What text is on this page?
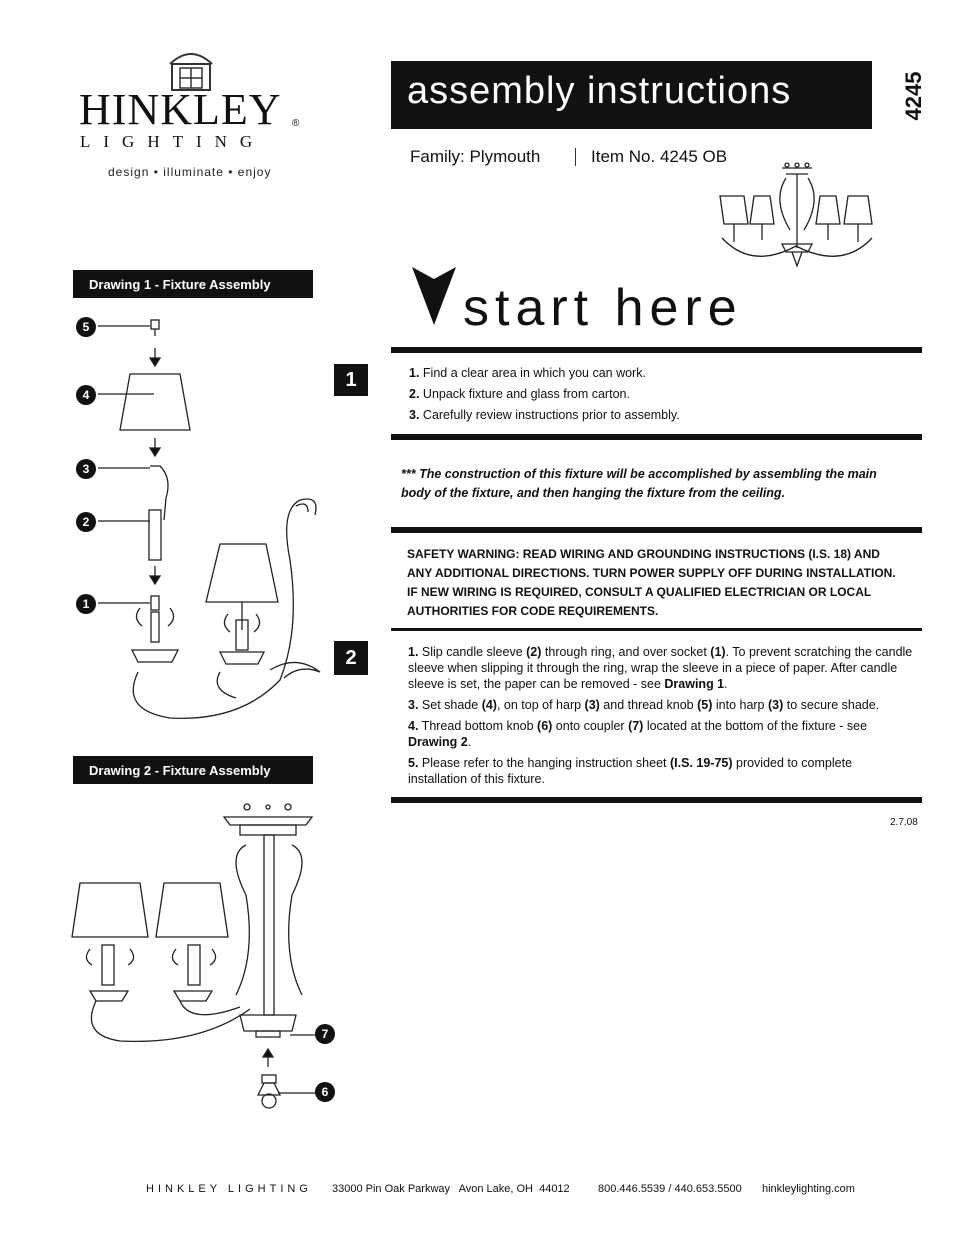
HINKLEY ®
LIGHTING
design • illuminate • enjoy
assembly instructions	4245
Family: Plymouth	Item No. 4245 OB
Drawing 1 - Fixture Assembly	start here
5
4
3
2
1
1	1. Find a clear area in which you can work.

2. Unpack fixture and glass from carton.

3. Carefully review instructions prior to assembly.

*** The construction of this fixture will be accomplished by assembling the main body of the fixture, and then hanging the fixture from the ceiling.
SAFETY WARNING: READ WIRING AND GROUNDING INSTRUCTIONS (I.S. 18) AND ANY ADDITIONAL DIRECTIONS. TURN POWER SUPPLY OFF DURING INSTALLATION. IF NEW WIRING IS REQUIRED, CONSULT A QUALIFIED ELECTRICIAN OR LOCAL AUTHORITIES FOR CODE REQUIREMENTS.
2	1. Slip candle sleeve (2) through ring, and over socket (1). To prevent scratching the candle sleeve when slipping it through the ring, wrap the sleeve in a piece of paper. After candle sleeve is set, the paper can be removed - see Drawing 1.

3. Set shade (4), on top of harp (3) and thread knob (5) into harp (3) to secure shade.

4. Thread bottom knob (6) onto coupler (7) located at the bottom of the fixture - see Drawing 2.

5. Please refer to the hanging instruction sheet (I.S. 19-75) provided to complete installation of this fixture.

2.7.08
Drawing 2 - Fixture Assembly
7
6
HINKLEY LIGHTING 33000 Pin Oak Parkway   Avon Lake, OH  44012	800.446.5539 / 440.653.5500 hinkleylighting.com
